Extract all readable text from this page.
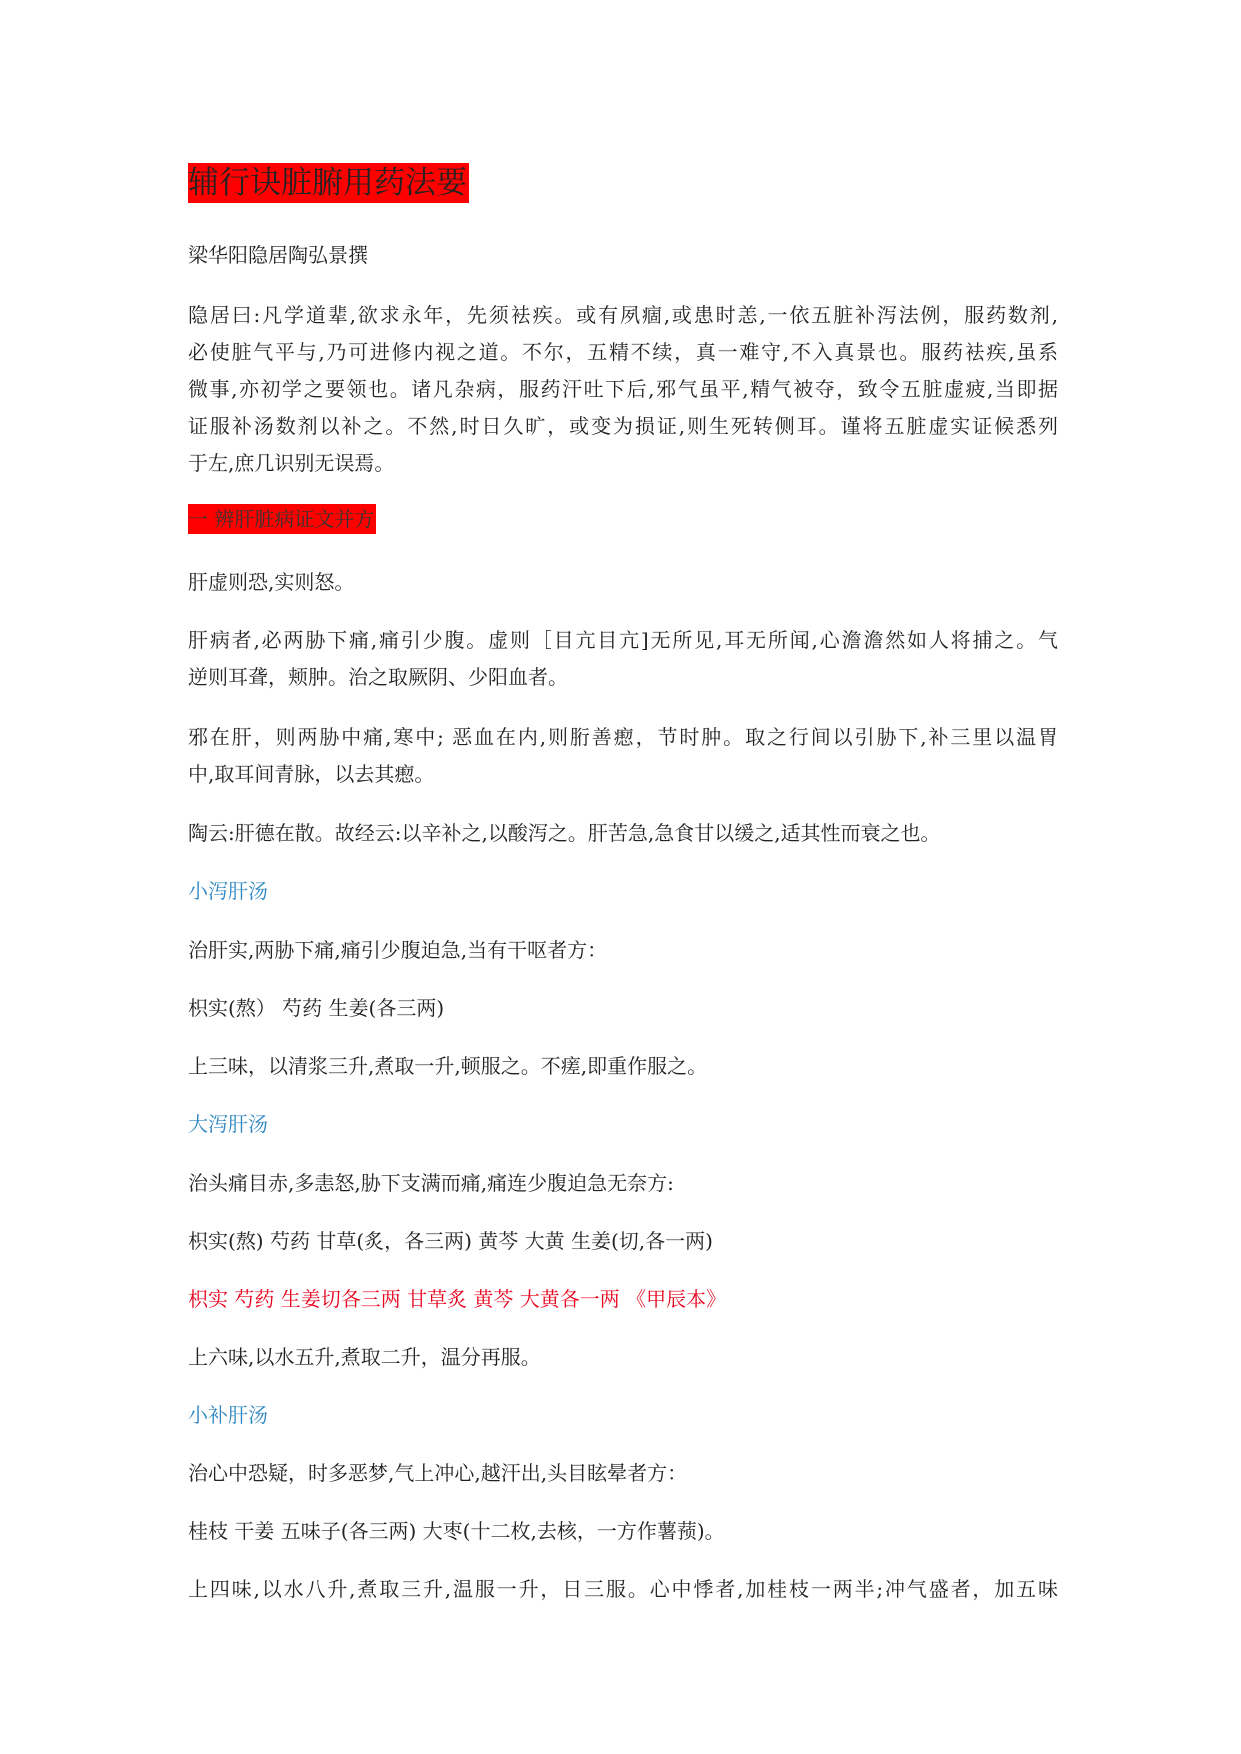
辅行诀脏腑用药法要
梁华阳隐居陶弘景撰
隐居曰:凡学道辈,欲求永年，先须袪疾。或有夙痼,或患时恙,一依五脏补泻法例，服药数剂,
必使脏气平与,乃可进修内视之道。不尔，五精不续，真一难守,不入真景也。服药袪疾,虽系
微事,亦初学之要领也。诸凡杂病，服药汗吐下后,邪气虽平,精气被夺，致令五脏虚疲,当即据
证服补汤数剂以补之。不然,时日久旷，或变为损证,则生死转侧耳。谨将五脏虚实证候悉列
于左,庶几识别无误焉。
一 辨肝脏病证文并方
肝虚则恐,实则怒。
肝病者,必两胁下痛,痛引少腹。虚则［目亢目亢]无所见,耳无所闻,心澹澹然如人将捕之。气
逆则耳聋，颊肿。治之取厥阴、少阳血者。
邪在肝，则两胁中痛,寒中; 恶血在内,则胻善瘛，节时肿。取之行间以引胁下,补三里以温胃
中,取耳间青脉，以去其瘛。
陶云:肝德在散。故经云:以辛补之,以酸泻之。肝苦急,急食甘以缓之,适其性而衰之也。
小泻肝汤
治肝实,两胁下痛,痛引少腹迫急,当有干呕者方：
枳实(熬） 芍药 生姜(各三两)
上三味，以清浆三升,煮取一升,顿服之。不瘥,即重作服之。
大泻肝汤
治头痛目赤,多恚怒,胁下支满而痛,痛连少腹迫急无奈方:
枳实(熬) 芍药 甘草(炙，各三两) 黄芩 大黄 生姜(切,各一两)
枳实 芍药 生姜切各三两 甘草炙 黄芩 大黄各一两 《甲辰本》
上六味,以水五升,煮取二升，温分再服。
小补肝汤
治心中恐疑，时多恶梦,气上冲心,越汗出,头目眩晕者方：
桂枝 干姜 五味子(各三两) 大枣(十二枚,去核，一方作薯蓣)。
上四味,以水八升,煮取三升,温服一升，日三服。心中悸者,加桂枝一两半;冲气盛者，加五味
